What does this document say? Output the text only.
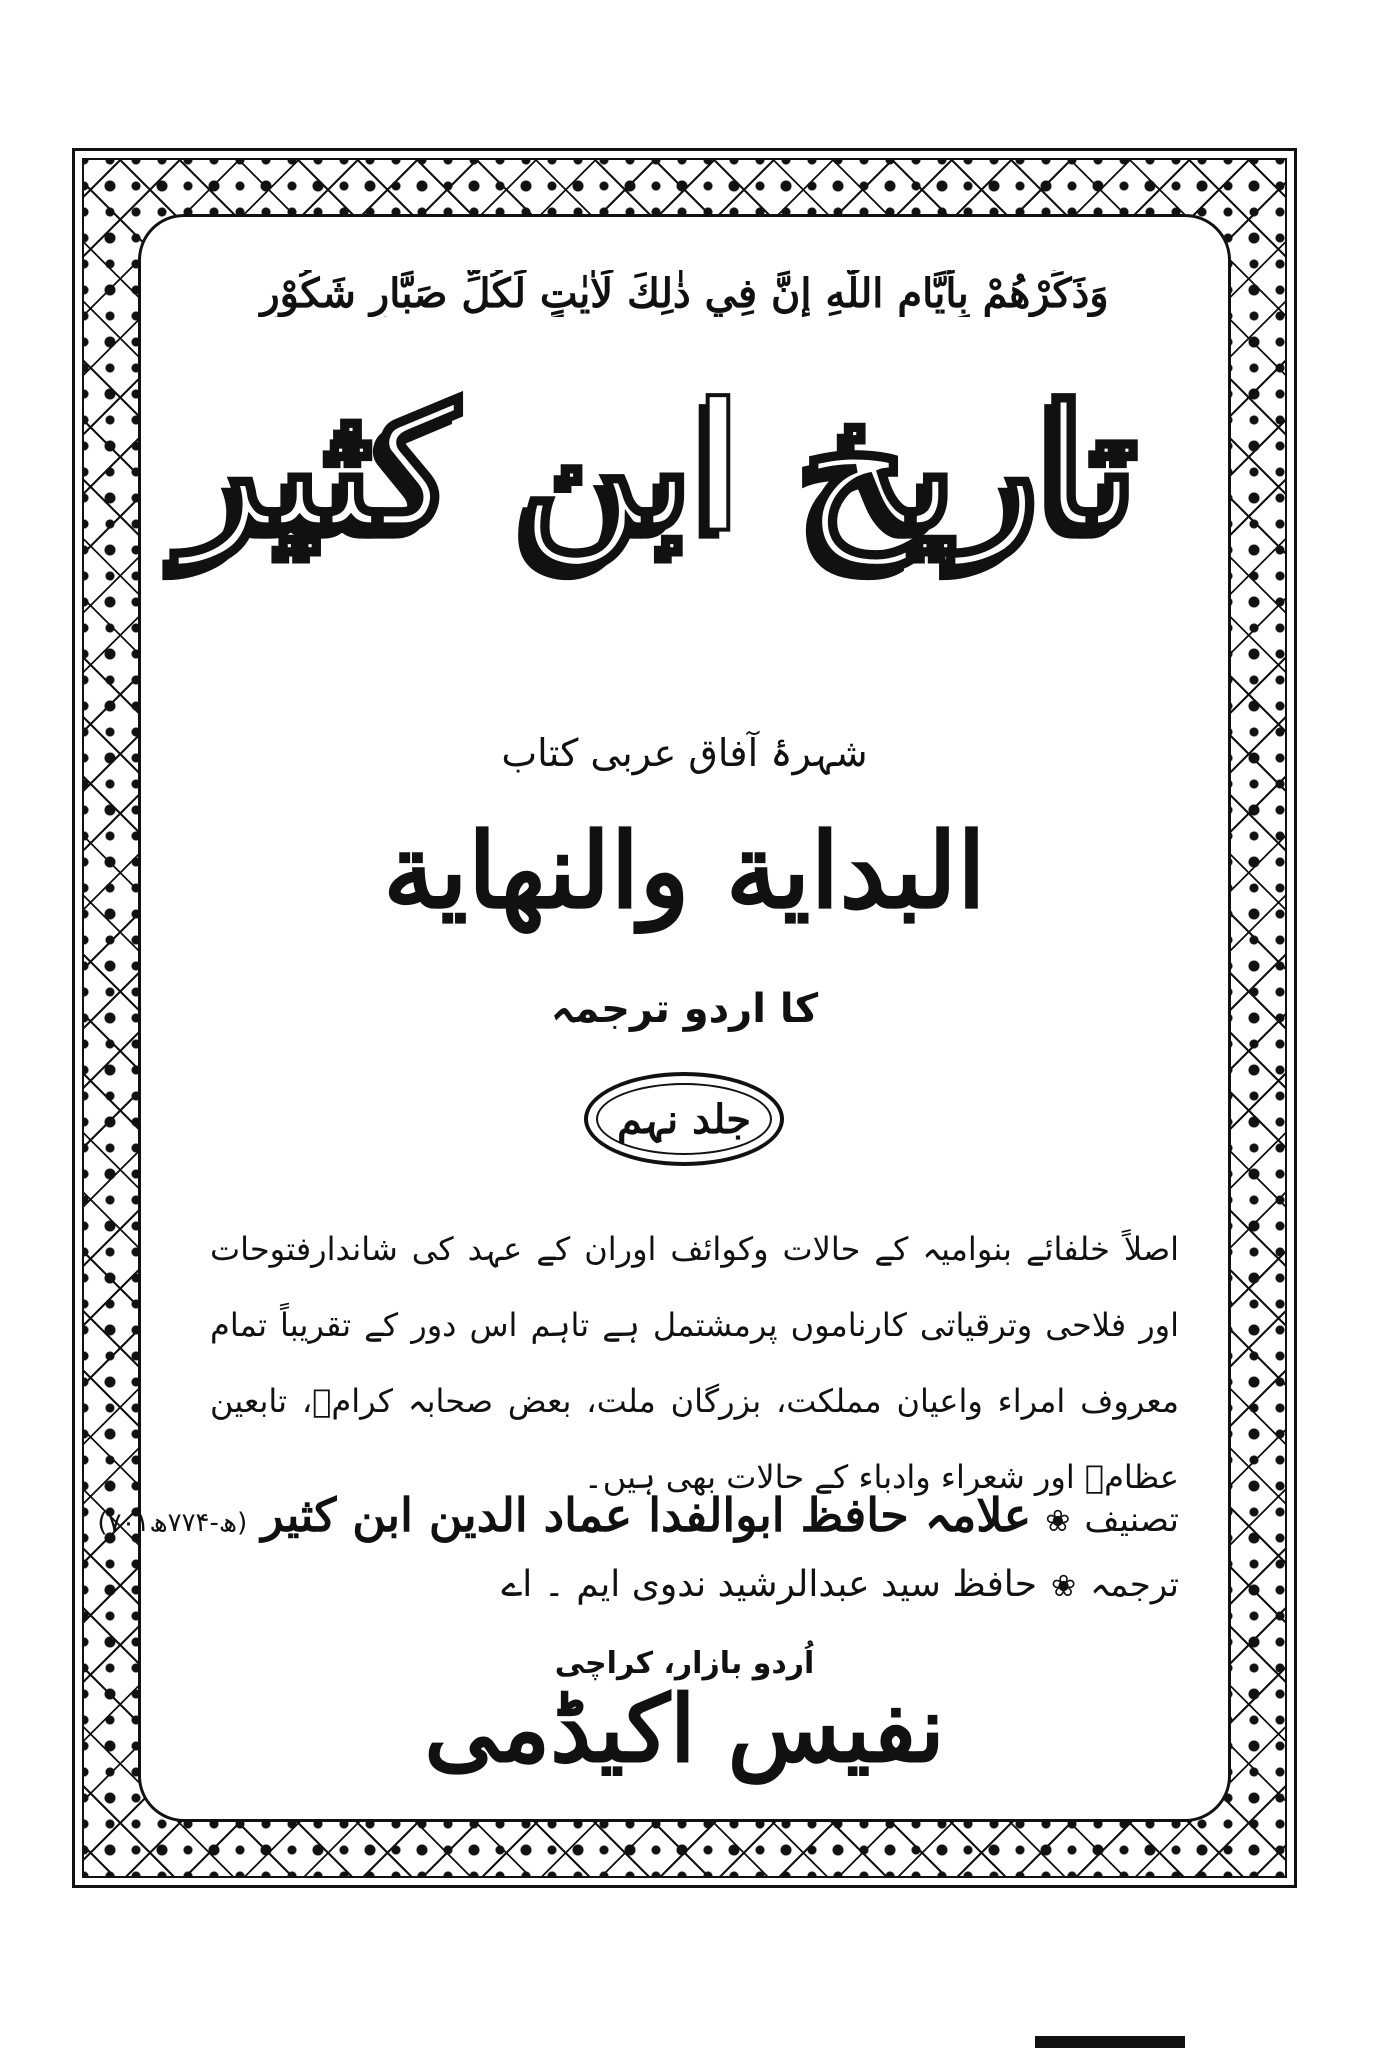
وَذَكِّرْهُمْ بِأَيَّامِ اللّٰهِ إِنَّ فِي ذٰلِكَ لَاٰيٰتٍ لِّكُلِّ صَبَّارٍ شَكُوْرٍ
تاریخ ابن کثیر
شہرۂ آفاق عربی کتاب
البداية والنهاية
کا اردو ترجمہ
جلد نہم
اصلاً خلفائے بنوامیہ کے حالات وکوائف اوران کے عہد کی شاندارفتوحات اور فلاحی وترقیاتی کارناموں پرمشتمل ہے تاہم اس دور کے تقریباً تمام معروف امراء واعیان مملکت، بزرگان ملت، بعض صحابہ کرامؓ، تابعین عظامؒ اور شعراء وادباء کے حالات بھی ہیں۔
تصنیف
❀
علامہ حافظ ابوالفدا عماد الدین ابن کثیر
(۷۰۱ھ-۷۷۴ھ)
ترجمہ
❀
حافظ سید عبدالرشید ندوی ایم ۔ اے
اُردو بازار، کراچی
نفیس اکیڈمی
